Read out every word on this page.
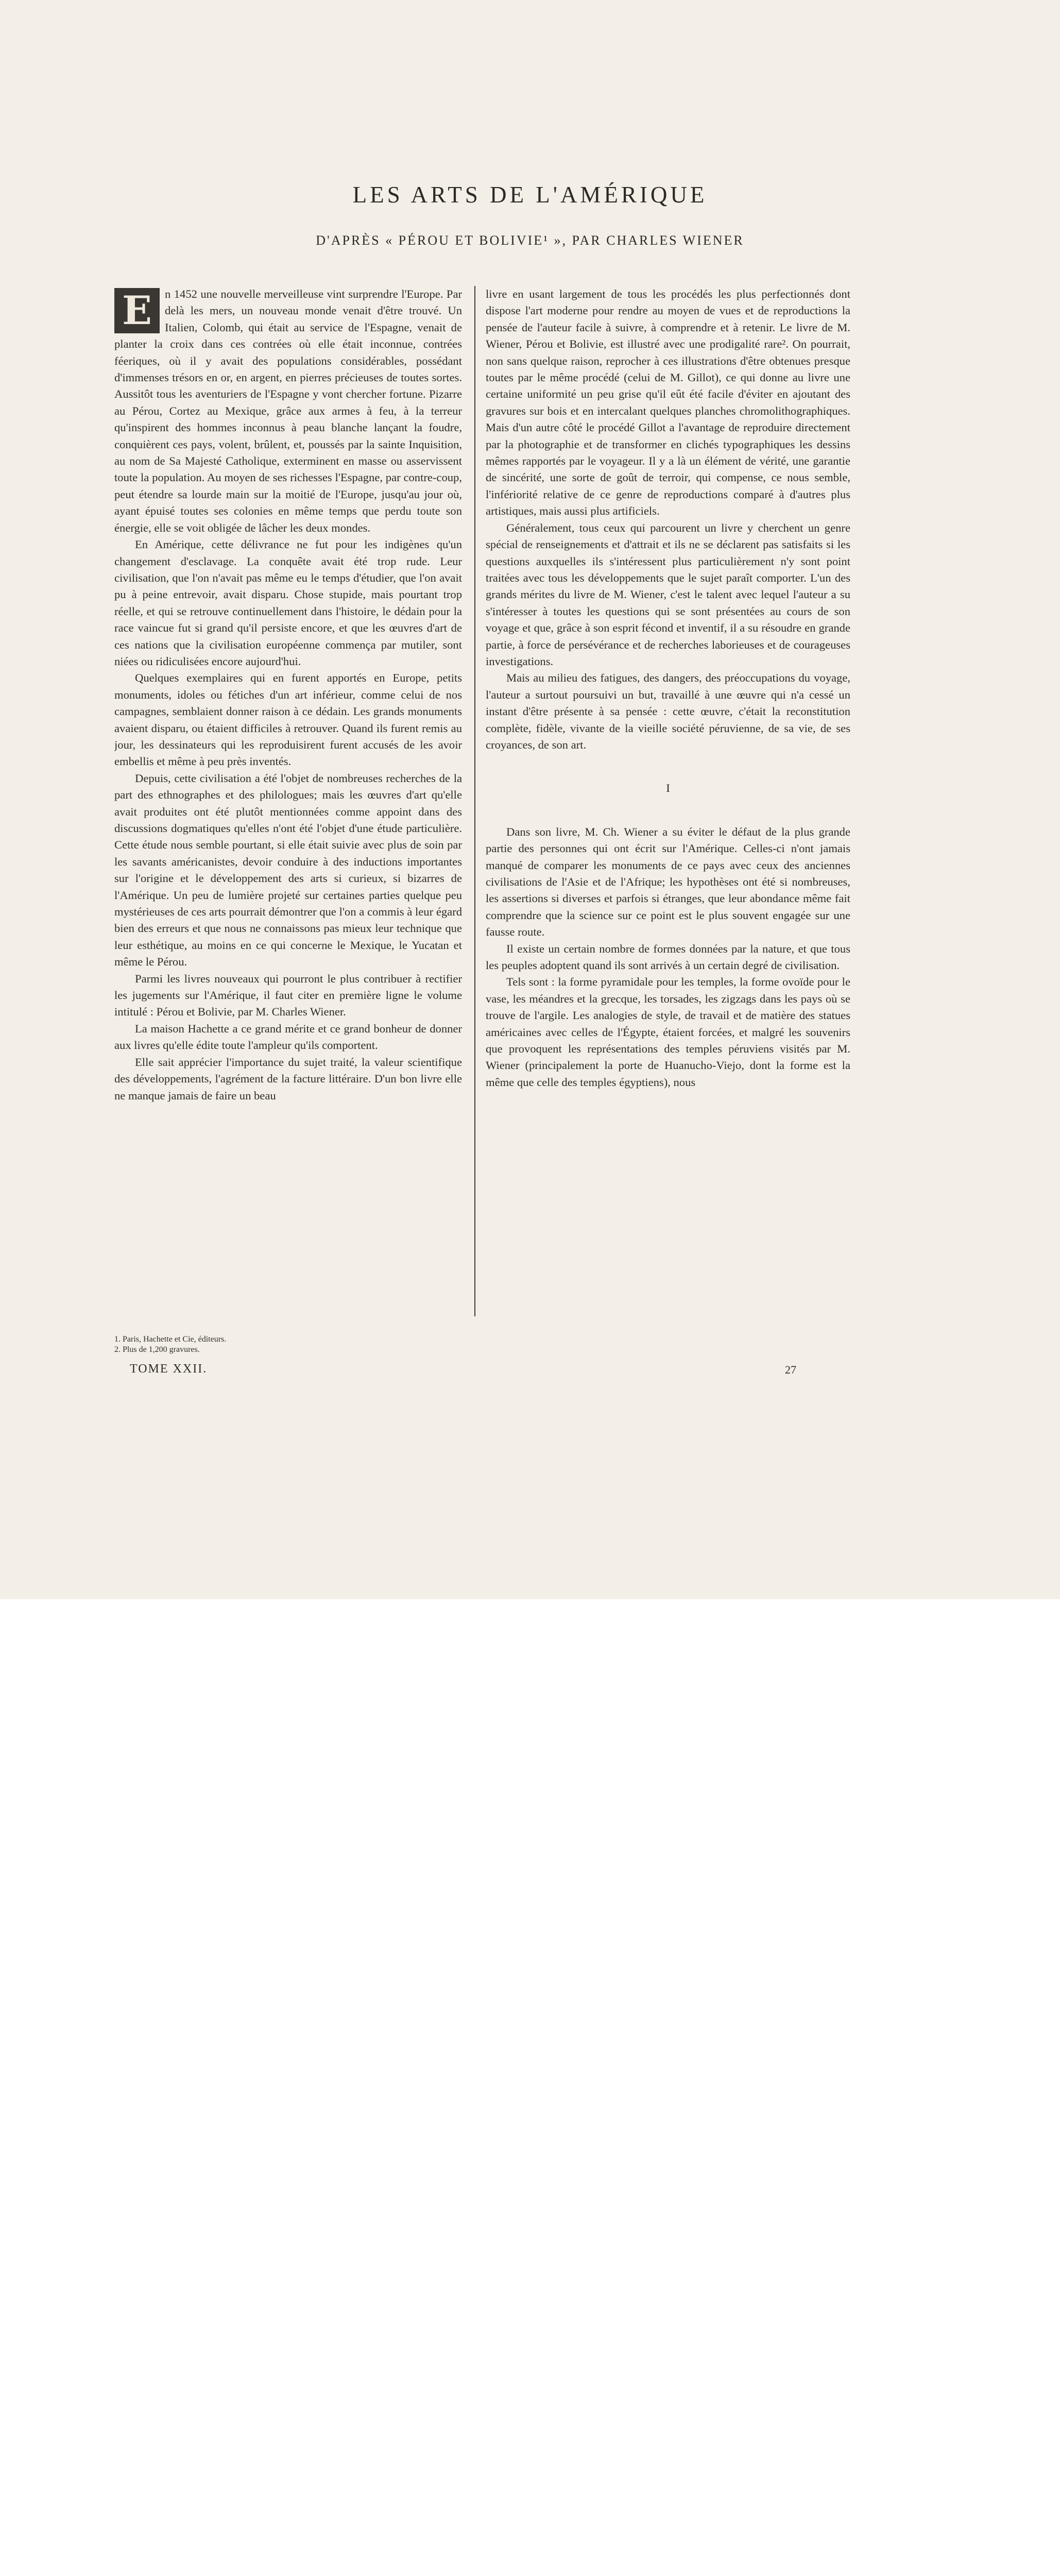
LES ARTS DE L'AMÉRIQUE
D'APRÈS « PÉROU ET BOLIVIE¹ », PAR CHARLES WIENER

E	n 1452 une nouvelle merveilleuse vint surprendre l'Europe. Par delà les mers, un nouveau monde venait d'être trouvé. Un Italien, Colomb, qui était au service de l'Espagne, venait de planter la croix dans ces contrées où elle était inconnue, contrées féeriques, où il y avait des populations considérables, possédant d'immenses trésors en or, en argent, en pierres précieuses de toutes sortes. Aussitôt tous les aventuriers de l'Espagne y vont chercher fortune. Pizarre au Pérou, Cortez au Mexique, grâce aux armes à feu, à la terreur qu'inspirent des hommes inconnus à peau blanche lançant la foudre, conquièrent ces pays, volent, brûlent, et, poussés par la sainte Inquisition, au nom de Sa Majesté Catholique, exterminent en masse ou asservissent toute la population. Au moyen de ses richesses l'Espagne, par contre-coup, peut étendre sa lourde main sur la moitié de l'Europe, jusqu'au jour où, ayant épuisé toutes ses colonies en même temps que perdu toute son énergie, elle se voit obligée de lâcher les deux mondes.

En Amérique, cette délivrance ne fut pour les indigènes qu'un changement d'esclavage. La conquête avait été trop rude. Leur civilisation, que l'on n'avait pas même eu le temps d'étudier, que l'on avait pu à peine entrevoir, avait disparu. Chose stupide, mais pourtant trop réelle, et qui se retrouve continuellement dans l'histoire, le dédain pour la race vaincue fut si grand qu'il persiste encore, et que les œuvres d'art de ces nations que la civilisation européenne commença par mutiler, sont niées ou ridiculisées encore aujourd'hui.

Quelques exemplaires qui en furent apportés en Europe, petits monuments, idoles ou fétiches d'un art inférieur, comme celui de nos campagnes, semblaient donner raison à ce dédain. Les grands monuments avaient disparu, ou étaient difficiles à retrouver. Quand ils furent remis au jour, les dessinateurs qui les reproduisirent furent accusés de les avoir embellis et même à peu près inventés.

Depuis, cette civilisation a été l'objet de nombreuses recherches de la part des ethnographes et des philologues; mais les œuvres d'art qu'elle avait produites ont été plutôt mentionnées comme appoint dans des discussions dogmatiques qu'elles n'ont été l'objet d'une étude particulière. Cette étude nous semble pourtant, si elle était suivie avec plus de soin par les savants américanistes, devoir conduire à des inductions importantes sur l'origine et le développement des arts si curieux, si bizarres de l'Amérique. Un peu de lumière projeté sur certaines parties quelque peu mystérieuses de ces arts pourrait démontrer que l'on a commis à leur égard bien des erreurs et que nous ne connaissons pas mieux leur technique que leur esthétique, au moins en ce qui concerne le Mexique, le Yucatan et même le Pérou.

Parmi les livres nouveaux qui pourront le plus contribuer à rectifier les jugements sur l'Amérique, il faut citer en première ligne le volume intitulé : Pérou et Bolivie, par M. Charles Wiener.

La maison Hachette a ce grand mérite et ce grand bonheur de donner aux livres qu'elle édite toute l'ampleur qu'ils comportent.

Elle sait apprécier l'importance du sujet traité, la valeur scientifique des développements, l'agrément de la facture littéraire. D'un bon livre elle ne manque jamais de faire un beau

livre en usant largement de tous les procédés les plus perfectionnés dont dispose l'art moderne pour rendre au moyen de vues et de reproductions la pensée de l'auteur facile à suivre, à comprendre et à retenir. Le livre de M. Wiener, Pérou et Bolivie, est illustré avec une prodigalité rare². On pourrait, non sans quelque raison, reprocher à ces illustrations d'être obtenues presque toutes par le même procédé (celui de M. Gillot), ce qui donne au livre une certaine uniformité un peu grise qu'il eût été facile d'éviter en ajoutant des gravures sur bois et en intercalant quelques planches chromolithographiques. Mais d'un autre côté le procédé Gillot a l'avantage de reproduire directement par la photographie et de transformer en clichés typographiques les dessins mêmes rapportés par le voyageur. Il y a là un élément de vérité, une garantie de sincérité, une sorte de goût de terroir, qui compense, ce nous semble, l'infériorité relative de ce genre de reproductions comparé à d'autres plus artistiques, mais aussi plus artificiels.

Généralement, tous ceux qui parcourent un livre y cherchent un genre spécial de renseignements et d'attrait et ils ne se déclarent pas satisfaits si les questions auxquelles ils s'intéressent plus particulièrement n'y sont point traitées avec tous les développements que le sujet paraît comporter. L'un des grands mérites du livre de M. Wiener, c'est le talent avec lequel l'auteur a su s'intéresser à toutes les questions qui se sont présentées au cours de son voyage et que, grâce à son esprit fécond et inventif, il a su résoudre en grande partie, à force de persévérance et de recherches laborieuses et de courageuses investigations.

Mais au milieu des fatigues, des dangers, des préoccupations du voyage, l'auteur a surtout poursuivi un but, travaillé à une œuvre qui n'a cessé un instant d'être présente à sa pensée : cette œuvre, c'était la reconstitution complète, fidèle, vivante de la vieille société péruvienne, de sa vie, de ses croyances, de son art.

I

Dans son livre, M. Ch. Wiener a su éviter le défaut de la plus grande partie des personnes qui ont écrit sur l'Amérique. Celles-ci n'ont jamais manqué de comparer les monuments de ce pays avec ceux des anciennes civilisations de l'Asie et de l'Afrique; les hypothèses ont été si nombreuses, les assertions si diverses et parfois si étranges, que leur abondance même fait comprendre que la science sur ce point est le plus souvent engagée sur une fausse route.

Il existe un certain nombre de formes données par la nature, et que tous les peuples adoptent quand ils sont arrivés à un certain degré de civilisation.

Tels sont : la forme pyramidale pour les temples, la forme ovoïde pour le vase, les méandres et la grecque, les torsades, les zigzags dans les pays où se trouve de l'argile. Les analogies de style, de travail et de matière des statues américaines avec celles de l'Égypte, étaient forcées, et malgré les souvenirs que provoquent les représentations des temples péruviens visités par M. Wiener (principalement la porte de Huanucho-Viejo, dont la forme est la même que celle des temples égyptiens), nous

1. Paris, Hachette et Cie, éditeurs.
2. Plus de 1,200 gravures.
TOME XXII.	27
